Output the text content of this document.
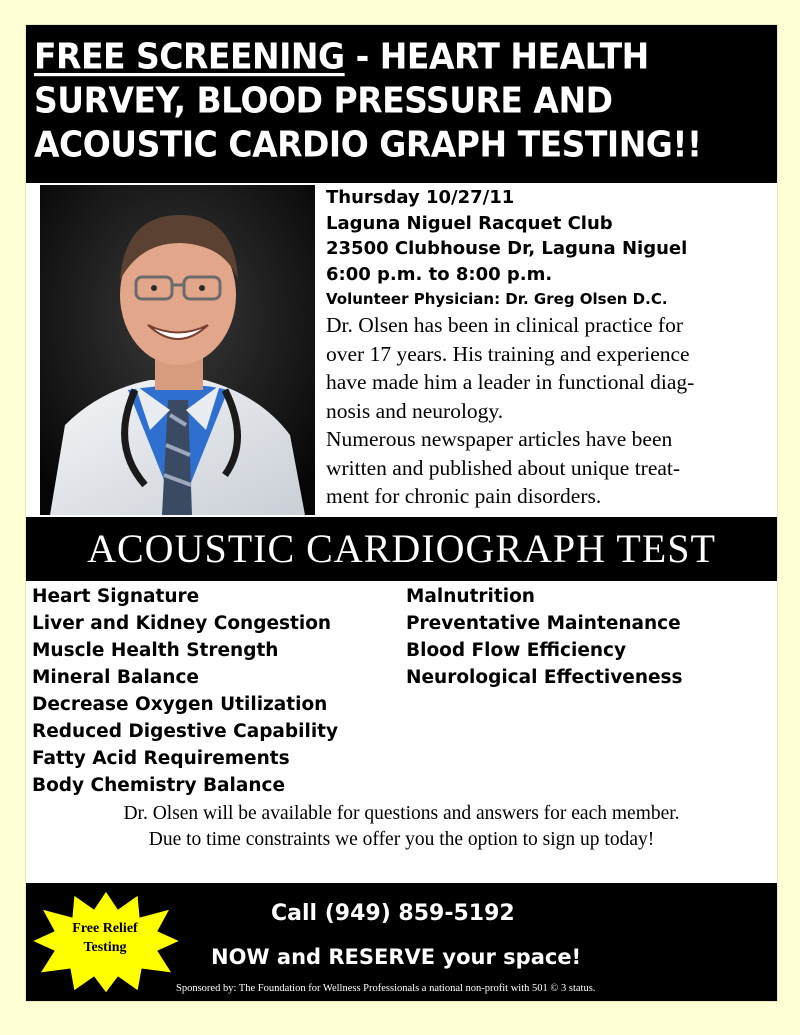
FREE SCREENING - HEART HEALTH
SURVEY, BLOOD PRESSURE AND
ACOUSTIC CARDIO GRAPH TESTING!!
Thursday 10/27/11
Laguna Niguel Racquet Club
23500 Clubhouse Dr, Laguna Niguel
6:00 p.m. to 8:00 p.m.
Volunteer Physician: Dr. Greg Olsen D.C.
Dr. Olsen has been in clinical practice for
over 17 years. His training and experience
have made him a leader in functional diag-
nosis and neurology.
Numerous newspaper articles have been
written and published about unique treat-
ment for chronic pain disorders.
ACOUSTIC CARDIOGRAPH TEST
Heart Signature
Liver and Kidney Congestion
Muscle Health Strength
Mineral Balance
Decrease Oxygen Utilization
Reduced Digestive Capability
Fatty Acid Requirements
Body Chemistry Balance
Malnutrition
Preventative Maintenance
Blood Flow Efficiency
Neurological Effectiveness
Dr. Olsen will be available for questions and answers for each member.
Due to time constraints we offer you the option to sign up today!
Free Relief
Testing
Call (949) 859-5192
NOW and RESERVE your space!
Sponsored by: The Foundation for Wellness Professionals a national non-profit with 501 © 3 status.
